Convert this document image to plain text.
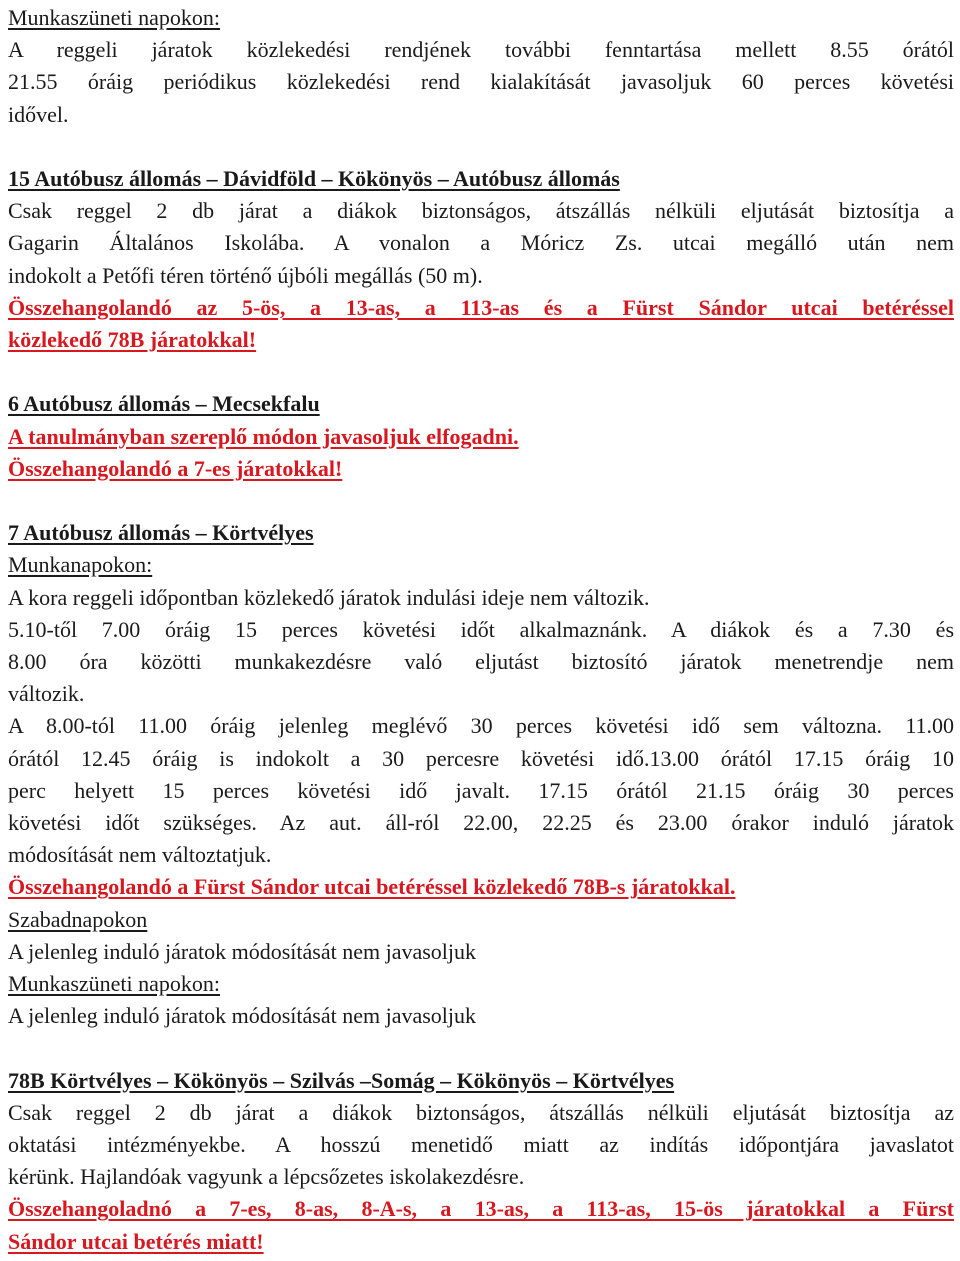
Munkaszüneti napokon:
A reggeli járatok közlekedési rendjének további fenntartása mellett 8.55 órától
21.55 óráig periódikus közlekedési rend kialakítását javasoljuk 60 perces követési
idővel.
15 Autóbusz állomás – Dávidföld – Kökönyös – Autóbusz állomás
Csak reggel 2 db járat a diákok biztonságos, átszállás nélküli eljutását biztosítja a
Gagarin Általános Iskolába. A vonalon a Móricz Zs. utcai megálló után nem
indokolt a Petőfi téren történő újbóli megállás (50 m).
Összehangolandó az 5-ös, a 13-as, a 113-as és a Fürst Sándor utcai betéréssel
közlekedő 78B járatokkal!
6 Autóbusz állomás – Mecsekfalu
A tanulmányban szereplő módon javasoljuk elfogadni.
Összehangolandó a 7-es járatokkal!
7 Autóbusz állomás – Körtvélyes
Munkanapokon:
A kora reggeli időpontban közlekedő járatok indulási ideje nem változik.
5.10-től 7.00 óráig 15 perces követési időt alkalmaznánk. A diákok és a 7.30 és
8.00 óra közötti munkakezdésre való eljutást biztosító járatok menetrendje nem
változik.
A 8.00-tól 11.00 óráig jelenleg meglévő 30 perces követési idő sem változna. 11.00
órától 12.45 óráig is indokolt a 30 percesre követési idő.13.00 órától 17.15 óráig 10
perc helyett 15 perces követési idő javalt. 17.15 órától 21.15 óráig 30 perces
követési időt szükséges. Az aut. áll-ról 22.00, 22.25 és 23.00 órakor induló járatok
módosítását nem változtatjuk.
Összehangolandó a Fürst Sándor utcai betéréssel közlekedő 78B-s járatokkal.
Szabadnapokon
A jelenleg induló járatok módosítását nem javasoljuk
Munkaszüneti napokon:
A jelenleg induló járatok módosítását nem javasoljuk
78B Körtvélyes – Kökönyös – Szilvás –Somág – Kökönyös – Körtvélyes
Csak reggel 2 db járat a diákok biztonságos, átszállás nélküli eljutását biztosítja az
oktatási intézményekbe. A hosszú menetidő miatt az indítás időpontjára javaslatot
kérünk. Hajlandóak vagyunk a lépcsőzetes iskolakezdésre.
Összehangoladnó a 7-es, 8-as, 8-A-s, a 13-as, a 113-as, 15-ös járatokkal a Fürst
Sándor utcai betérés miatt!
